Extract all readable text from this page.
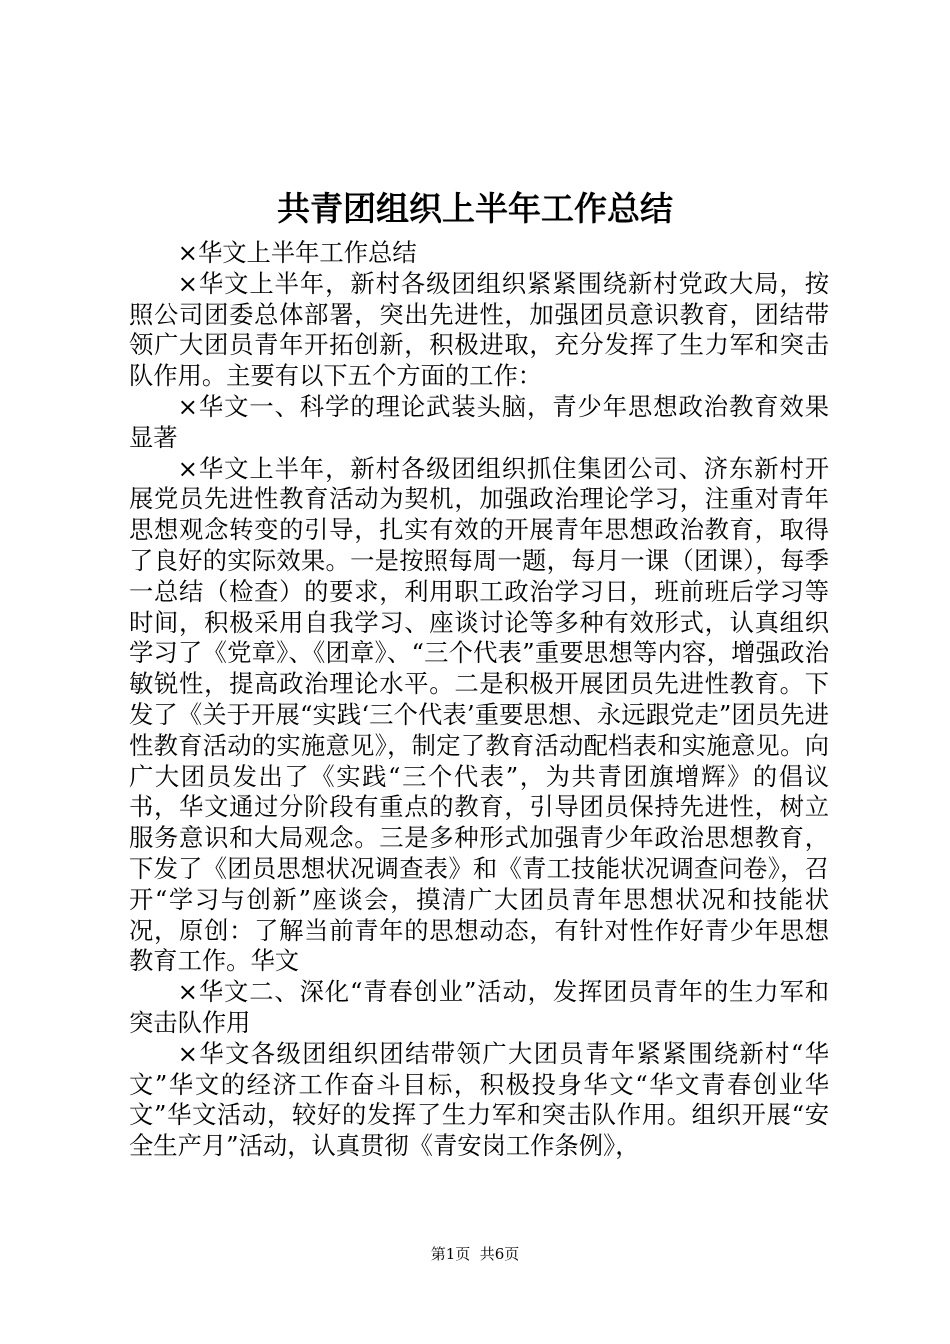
共青团组织上半年工作总结

×华文上半年工作总结

×华文上半年，新村各级团组织紧紧围绕新村党政大局，按照公司团委总体部署，突出先进性，加强团员意识教育，团结带领广大团员青年开拓创新，积极进取，充分发挥了生力军和突击队作用。主要有以下五个方面的工作：

×华文一、科学的理论武装头脑，青少年思想政治教育效果显著

×华文上半年，新村各级团组织抓住集团公司、济东新村开展党员先进性教育活动为契机，加强政治理论学习，注重对青年思想观念转变的引导，扎实有效的开展青年思想政治教育，取得了良好的实际效果。一是按照每周一题，每月一课（团课），每季一总结（检查）的要求，利用职工政治学习日，班前班后学习等时间，积极采用自我学习、座谈讨论等多种有效形式，认真组织学习了《党章》、《团章》、“三个代表”重要思想等内容，增强政治敏锐性，提高政治理论水平。二是积极开展团员先进性教育。下发了《关于开展“实践‘三个代表’重要思想、永远跟党走”团员先进性教育活动的实施意见》，制定了教育活动配档表和实施意见。向广大团员发出了《实践“三个代表”，为共青团旗增辉》的倡议书，华文通过分阶段有重点的教育，引导团员保持先进性，树立服务意识和大局观念。三是多种形式加强青少年政治思想教育，下发了《团员思想状况调查表》和《青工技能状况调查问卷》，召开“学习与创新”座谈会，摸清广大团员青年思想状况和技能状况，原创：了解当前青年的思想动态，有针对性作好青少年思想教育工作。华文

×华文二、深化“青春创业”活动，发挥团员青年的生力军和突击队作用

×华文各级团组织团结带领广大团员青年紧紧围绕新村“华文”华文的经济工作奋斗目标，积极投身华文“华文青春创业华文”华文活动，较好的发挥了生力军和突击队作用。组织开展“安全生产月”活动，认真贯彻《青安岗工作条例》，

第1页  共6页
